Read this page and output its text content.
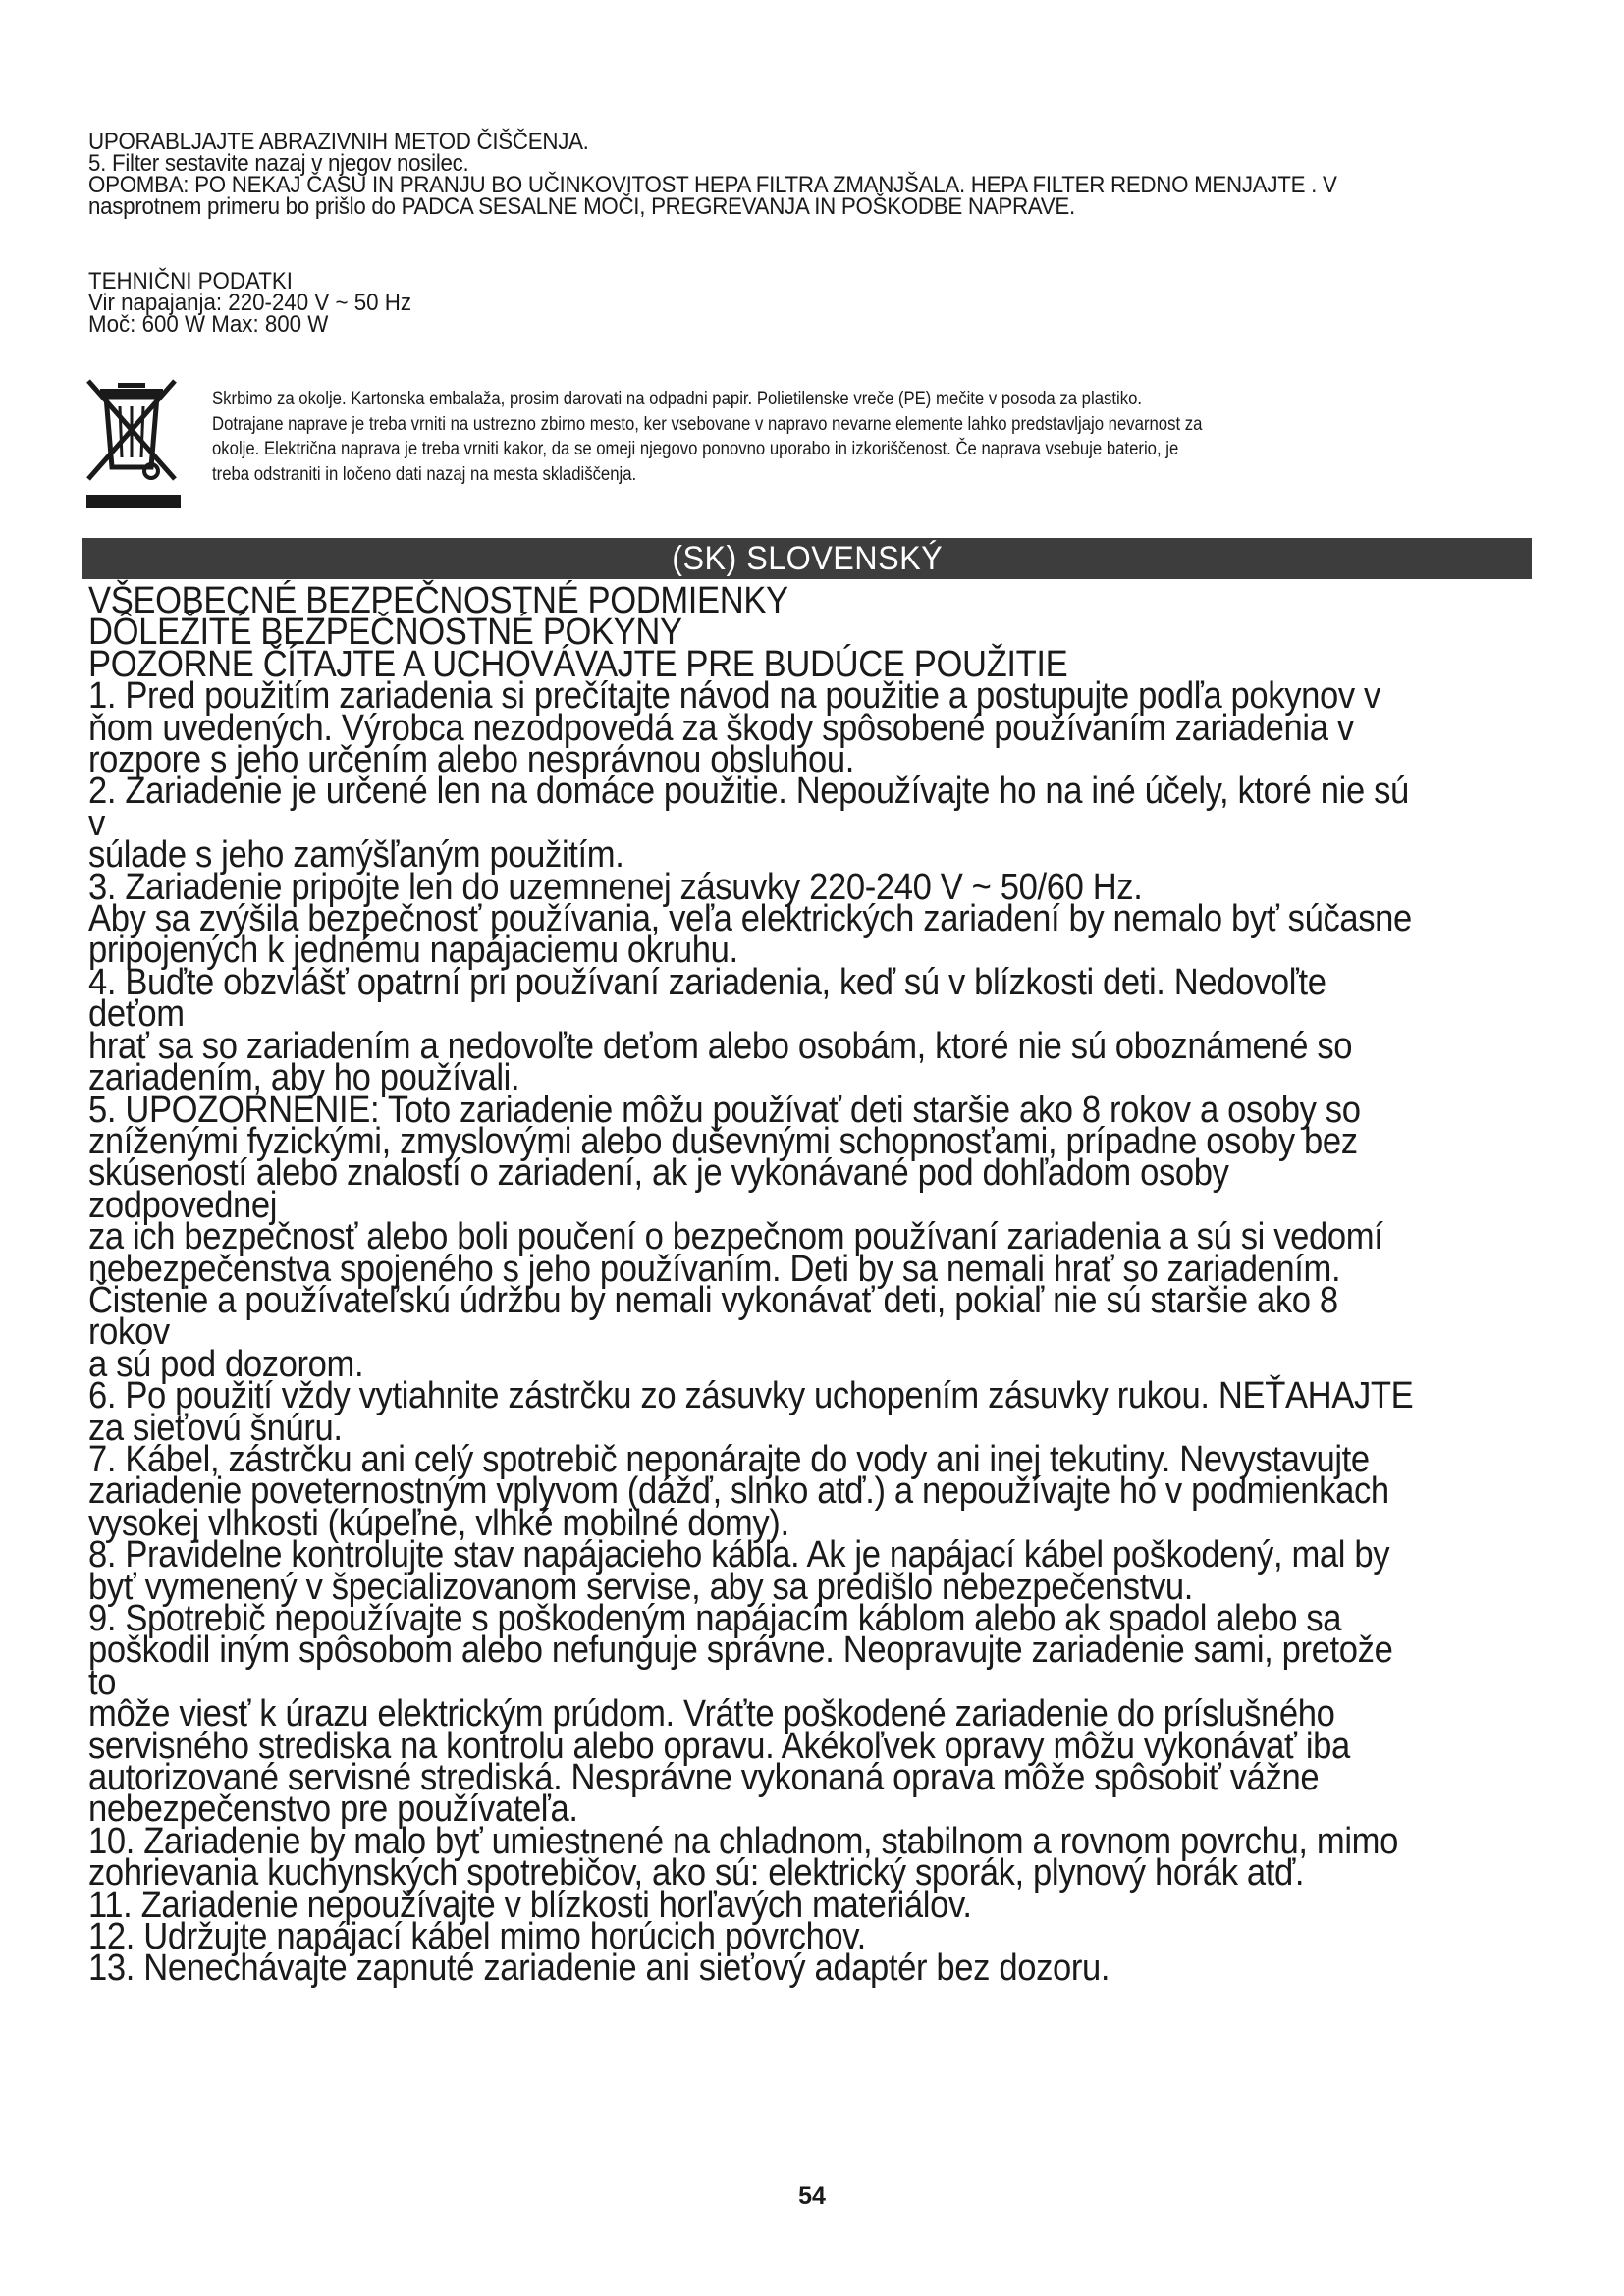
UPORABLJAJTE ABRAZIVNIH METOD ČIŠČENJA.

5. Filter sestavite nazaj v njegov nosilec.

OPOMBA: PO NEKAJ ČASU IN PRANJU BO UČINKOVITOST HEPA FILTRA ZMANJŠALA. HEPA FILTER REDNO MENJAJTE . V

nasprotnem primeru bo prišlo do PADCA SESALNE MOČI, PREGREVANJA IN POŠKODBE NAPRAVE.

TEHNIČNI PODATKI

Vir napajanja: 220-240 V ~ 50 Hz

Moč: 600 W Max: 800 W

Skrbimo za okolje. Kartonska embalaža, prosim darovati na odpadni papir. Polietilenske vreče (PE) mečite v posoda za plastiko.

Dotrajane naprave je treba vrniti na ustrezno zbirno mesto, ker vsebovane v napravo nevarne elemente lahko predstavljajo nevarnost za

okolje. Električna naprava je treba vrniti kakor, da se omeji njegovo ponovno uporabo in izkoriščenost. Če naprava vsebuje baterio, je

treba odstraniti in ločeno dati nazaj na mesta skladiščenja.

(SK) SLOVENSKÝ

VŠEOBECNÉ BEZPEČNOSTNÉ PODMIENKY

DÔLEŽITÉ BEZPEČNOSTNÉ POKYNY

POZORNE ČÍTAJTE A UCHOVÁVAJTE PRE BUDÚCE POUŽITIE

1. Pred použitím zariadenia si prečítajte návod na použitie a postupujte podľa pokynov v

ňom uvedených. Výrobca nezodpovedá za škody spôsobené používaním zariadenia v

rozpore s jeho určením alebo nesprávnou obsluhou.

2. Zariadenie je určené len na domáce použitie. Nepoužívajte ho na iné účely, ktoré nie sú v

súlade s jeho zamýšľaným použitím.

3. Zariadenie pripojte len do uzemnenej zásuvky 220-240 V ~ 50/60 Hz.

Aby sa zvýšila bezpečnosť používania, veľa elektrických zariadení by nemalo byť súčasne

pripojených k jednému napájaciemu okruhu.

4. Buďte obzvlášť opatrní pri používaní zariadenia, keď sú v blízkosti deti. Nedovoľte deťom

hrať sa so zariadením a nedovoľte deťom alebo osobám, ktoré nie sú oboznámené so

zariadením, aby ho používali.

5. UPOZORNENIE: Toto zariadenie môžu používať deti staršie ako 8 rokov a osoby so

zníženými fyzickými, zmyslovými alebo duševnými schopnosťami, prípadne osoby bez

skúseností alebo znalostí o zariadení, ak je vykonávané pod dohľadom osoby zodpovednej

za ich bezpečnosť alebo boli poučení o bezpečnom používaní zariadenia a sú si vedomí

nebezpečenstva spojeného s jeho používaním. Deti by sa nemali hrať so zariadením.

Čistenie a používateľskú údržbu by nemali vykonávať deti, pokiaľ nie sú staršie ako 8 rokov

a sú pod dozorom.

6. Po použití vždy vytiahnite zástrčku zo zásuvky uchopením zásuvky rukou. NEŤAHAJTE

za sieťovú šnúru.

7. Kábel, zástrčku ani celý spotrebič neponárajte do vody ani inej tekutiny. Nevystavujte

zariadenie poveternostným vplyvom (dážď, slnko atď.) a nepoužívajte ho v podmienkach

vysokej vlhkosti (kúpeľne, vlhké mobilné domy).

8. Pravidelne kontrolujte stav napájacieho kábla. Ak je napájací kábel poškodený, mal by

byť vymenený v špecializovanom servise, aby sa predišlo nebezpečenstvu.

9. Spotrebič nepoužívajte s poškodeným napájacím káblom alebo ak spadol alebo sa

poškodil iným spôsobom alebo nefunguje správne. Neopravujte zariadenie sami, pretože to

môže viesť k úrazu elektrickým prúdom. Vráťte poškodené zariadenie do príslušného

servisného strediska na kontrolu alebo opravu. Akékoľvek opravy môžu vykonávať iba

autorizované servisné strediská. Nesprávne vykonaná oprava môže spôsobiť vážne

nebezpečenstvo pre používateľa.

10. Zariadenie by malo byť umiestnené na chladnom, stabilnom a rovnom povrchu, mimo

zohrievania kuchynských spotrebičov, ako sú: elektrický sporák, plynový horák atď.

11. Zariadenie nepoužívajte v blízkosti horľavých materiálov.

12. Udržujte napájací kábel mimo horúcich povrchov.

13. Nenechávajte zapnuté zariadenie ani sieťový adaptér bez dozoru.

54
